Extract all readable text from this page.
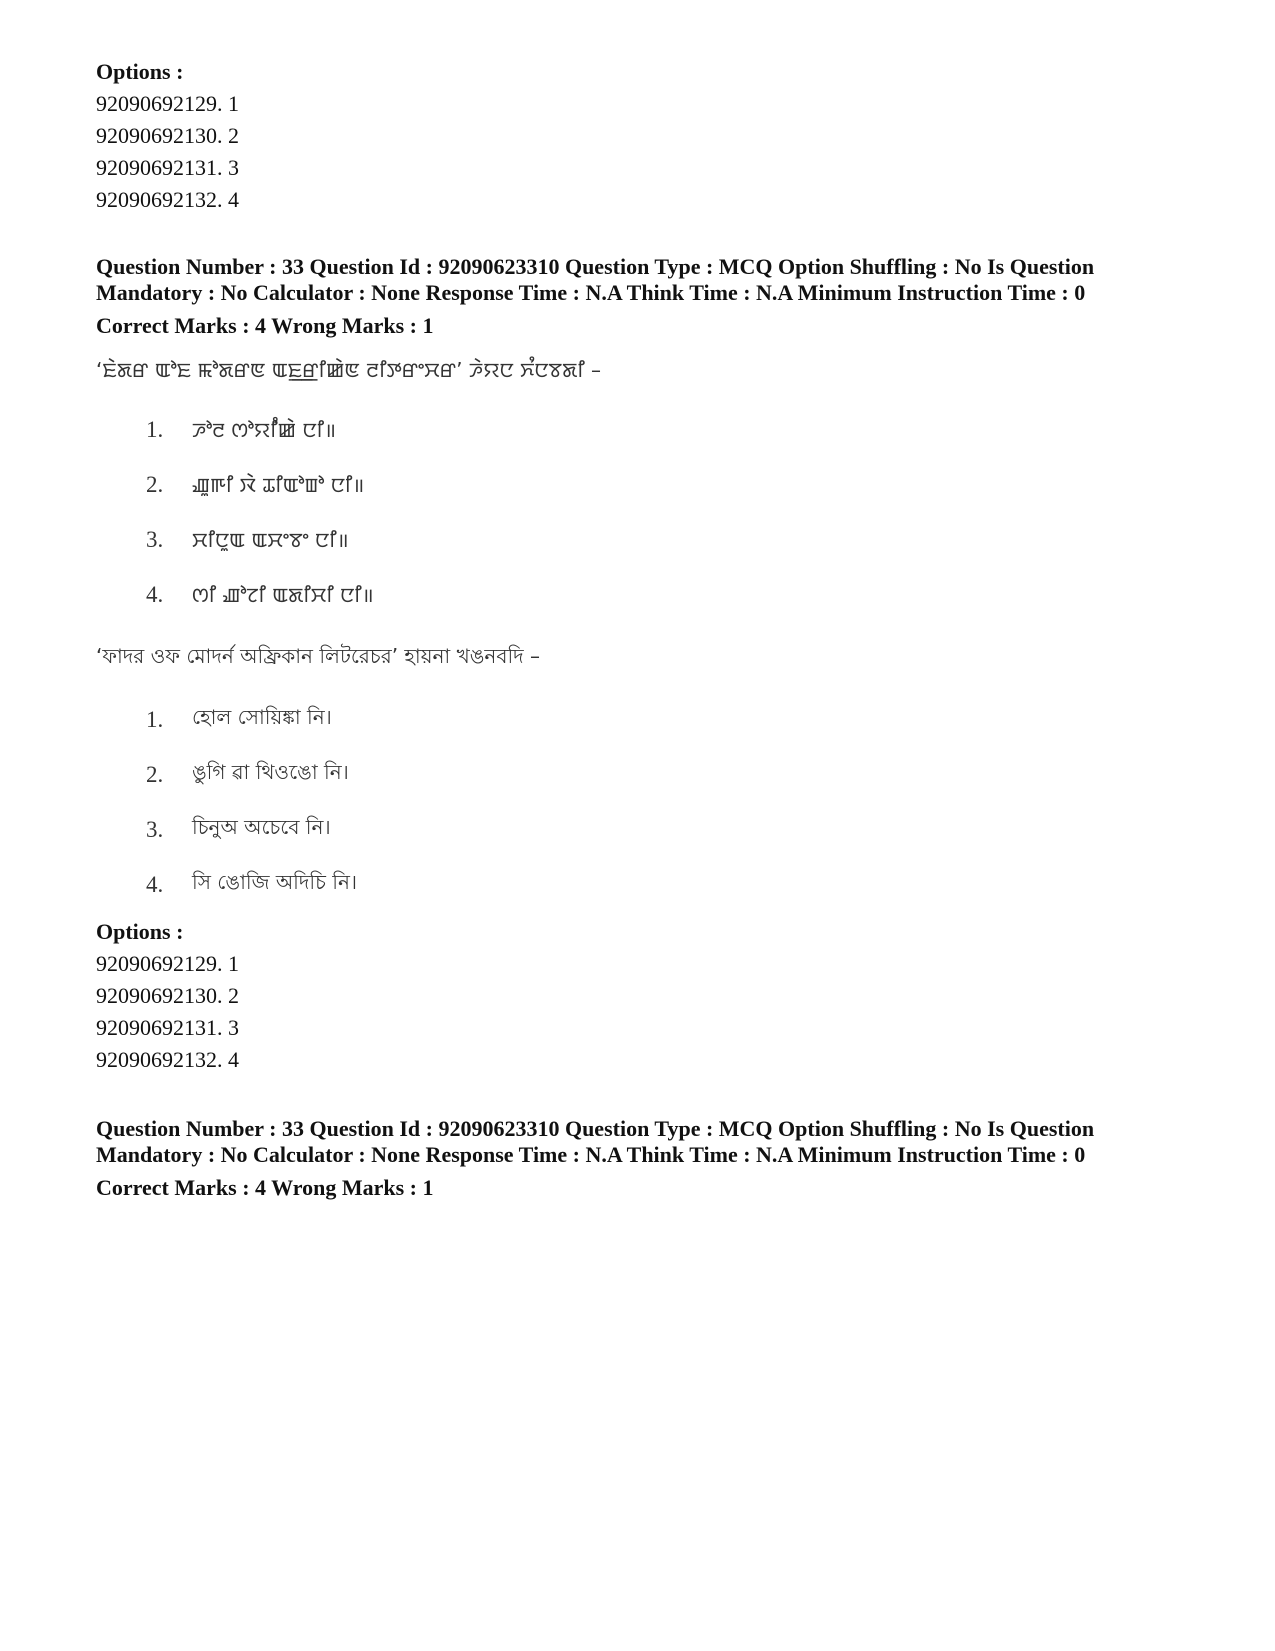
Options :

92090692129. 1

92090692130. 2

92090692131. 3

92090692132. 4

Question Number : 33 Question Id : 92090623310 Question Type : MCQ Option Shuffling : No Is Question

Mandatory : No Calculator : None Response Time : N.A Think Time : N.A Minimum Instruction Time : 0

Correct Marks : 4 Wrong Marks : 1

‘ꯐꯥꯗꯔ ꯑꯣꯐ ꯃꯣꯗꯔꯟ ꯑꯐ꯭ꯔꯤꯀꯥꯟ ꯂꯤꯇꯔꯦꯆꯔ’ ꯍꯥꯌꯅ ꯈꯪꯅꯕꯗꯤ –

1.	ꯍꯣꯂ ꯁꯣꯌꯤꯪꯀꯥ ꯅꯤ॥
2.	ꯉꯨꯒꯤ ꯋꯥ ꯊꯤꯑꯣꯡꯣ ꯅꯤ॥
3.	ꯆꯤꯅꯨꯑ ꯑꯆꯦꯕꯦ ꯅꯤ॥
4.	ꯁꯤ ꯉꯣꯖꯤ ꯑꯗꯤꯆꯤ ꯅꯤ॥

‘ফাদর ওফ মোদর্ন অফ্রিকান লিটরেচর’ হায়না খঙনবদি –

1.	হোল সোয়িঙ্কা নি।
2.	ঙুগি ৱা থিওঙো নি।
3.	চিনুঅ অচেবে নি।
4.	সি ঙোজি অদিচি নি।

Options :

92090692129. 1

92090692130. 2

92090692131. 3

92090692132. 4

Question Number : 33 Question Id : 92090623310 Question Type : MCQ Option Shuffling : No Is Question

Mandatory : No Calculator : None Response Time : N.A Think Time : N.A Minimum Instruction Time : 0

Correct Marks : 4 Wrong Marks : 1
